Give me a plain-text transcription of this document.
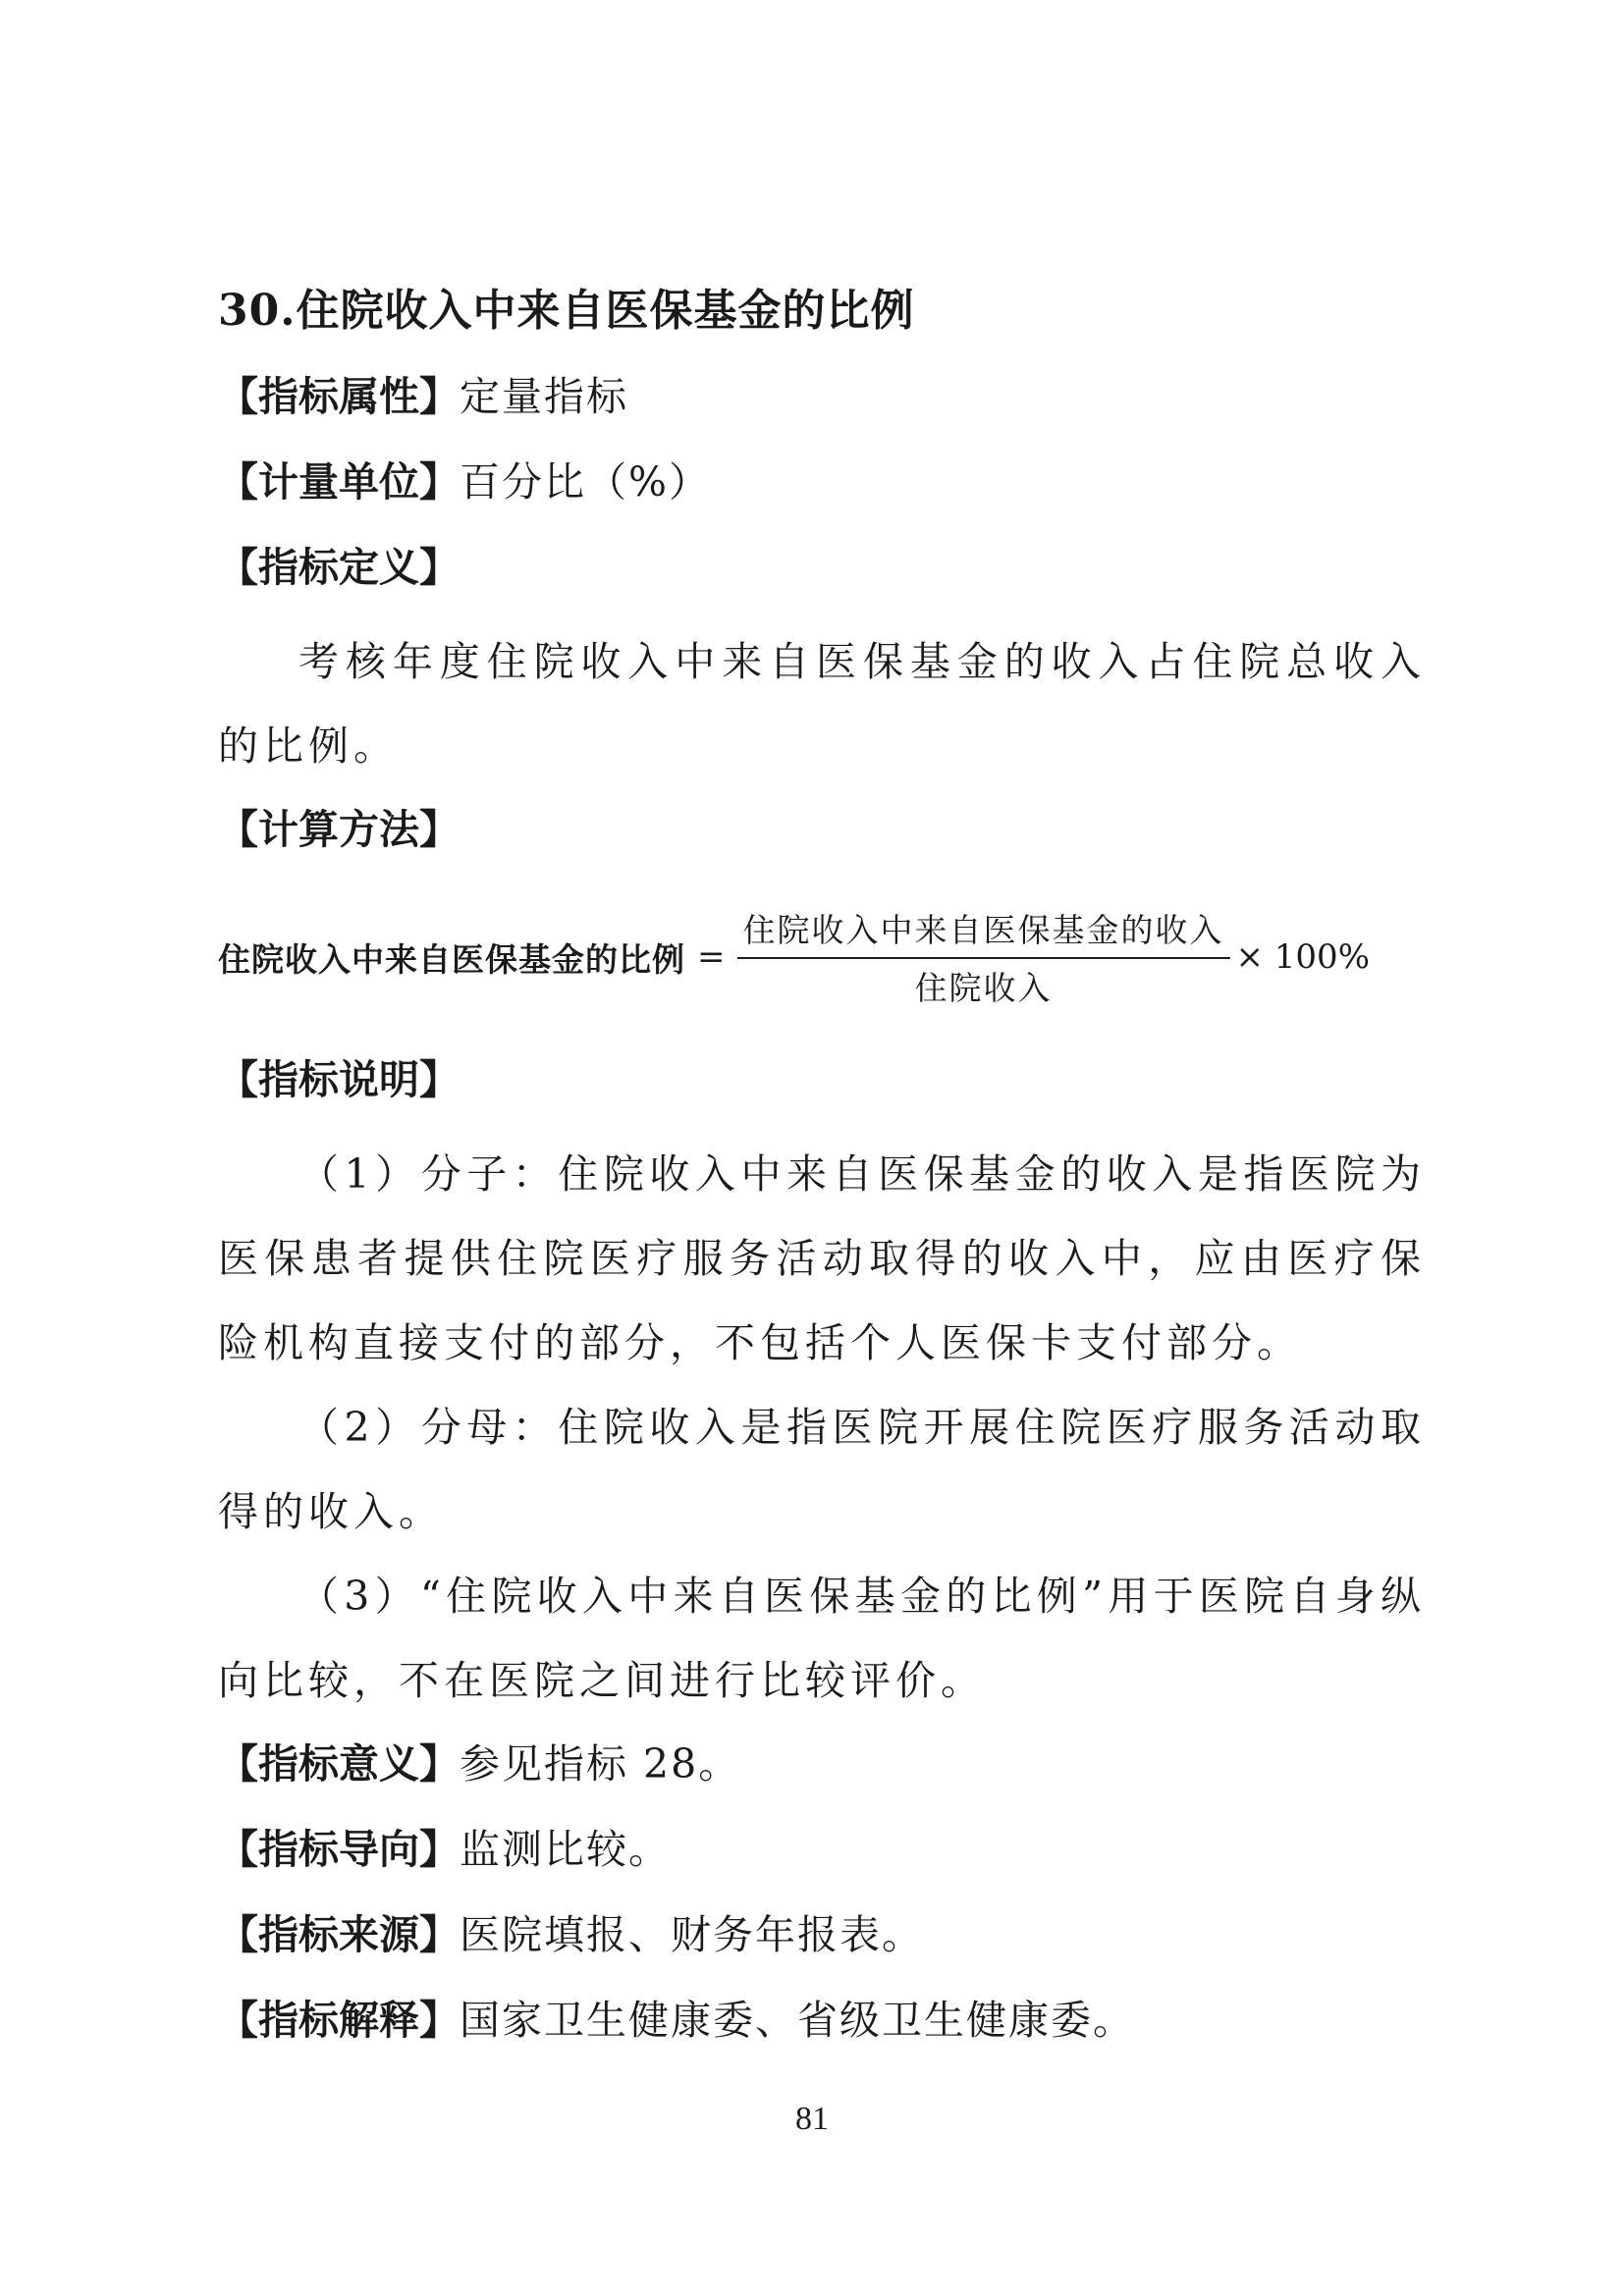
30.住院收入中来自医保基金的比例
【指标属性】定量指标
【计量单位】百分比（%）
【指标定义】

考核年度住院收入中来自医保基金的收入占住院总收入的比例。

【计算方法】
住院收入中来自医保基金的比例 = $\frac{\text{住院收入中来自医保基金的收入}}{\text{住院收入}} \times 100\%$
【指标说明】

（1）分子：住院收入中来自医保基金的收入是指医院为医保患者提供住院医疗服务活动取得的收入中，应由医疗保险机构直接支付的部分，不包括个人医保卡支付部分。

（2）分母：住院收入是指医院开展住院医疗服务活动取得的收入。

（3）“住院收入中来自医保基金的比例”用于医院自身纵向比较，不在医院之间进行比较评价。

【指标意义】参见指标 28。
【指标导向】监测比较。
【指标来源】医院填报、财务年报表。
【指标解释】国家卫生健康委、省级卫生健康委。
81
